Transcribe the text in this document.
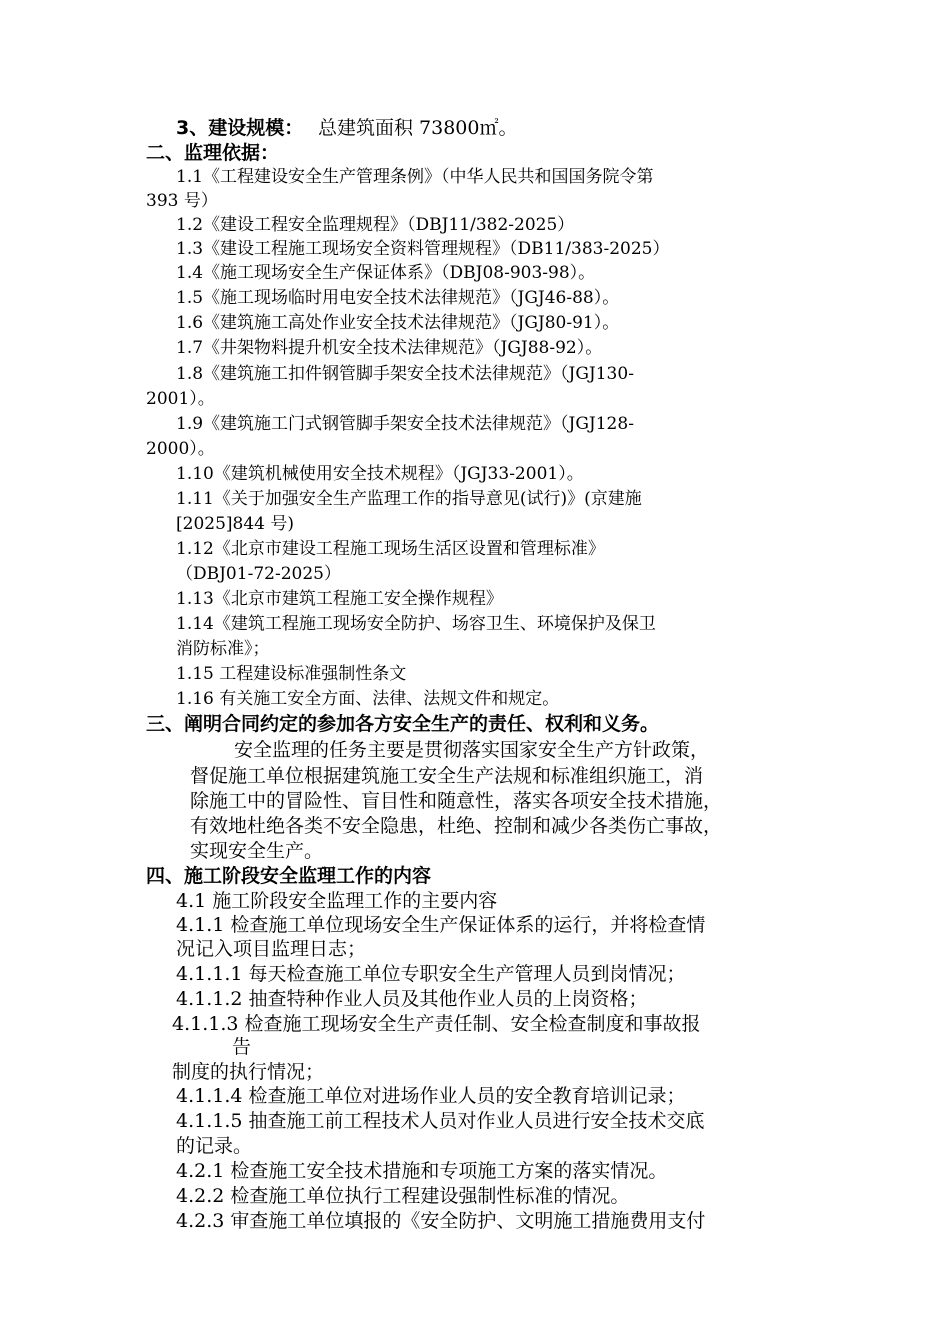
3、建设规模： 总建筑面积 73800㎡。
二、监理依据：
1.1《工程建设安全生产管理条例》（中华人民共和国国务院令第
393 号）
1.2《建设工程安全监理规程》（DBJ11/382-2025）
1.3《建设工程施工现场安全资料管理规程》（DB11/383-2025）
1.4《施工现场安全生产保证体系》（DBJ08-903-98）。
1.5《施工现场临时用电安全技术法律规范》（JGJ46-88）。
1.6《建筑施工高处作业安全技术法律规范》（JGJ80-91）。
1.7《井架物料提升机安全技术法律规范》（JGJ88-92）。
1.8《建筑施工扣件钢管脚手架安全技术法律规范》（JGJ130-
2001）。
1.9《建筑施工门式钢管脚手架安全技术法律规范》（JGJ128-
2000）。
1.10《建筑机械使用安全技术规程》（JGJ33-2001）。
1.11《关于加强安全生产监理工作的指导意见(试行)》(京建施
[2025]844 号)
1.12《北京市建设工程施工现场生活区设置和管理标准》
（DBJ01-72-2025）
1.13《北京市建筑工程施工安全操作规程》
1.14《建筑工程施工现场安全防护、场容卫生、环境保护及保卫
消防标准》；
1.15 工程建设标准强制性条文
1.16 有关施工安全方面、法律、法规文件和规定。
三、阐明合同约定的参加各方安全生产的责任、权利和义务。
安全监理的任务主要是贯彻落实国家安全生产方针政策，
督促施工单位根据建筑施工安全生产法规和标准组织施工，消
除施工中的冒险性、盲目性和随意性，落实各项安全技术措施，
有效地杜绝各类不安全隐患，杜绝、控制和减少各类伤亡事故，
实现安全生产。
四、施工阶段安全监理工作的内容
4.1 施工阶段安全监理工作的主要内容
4.1.1 检查施工单位现场安全生产保证体系的运行，并将检查情
况记入项目监理日志；
4.1.1.1 每天检查施工单位专职安全生产管理人员到岗情况；
4.1.1.2 抽查特种作业人员及其他作业人员的上岗资格；
4.1.1.3 检查施工现场安全生产责任制、安全检查制度和事故报
告
制度的执行情况；
4.1.1.4 检查施工单位对进场作业人员的安全教育培训记录；
4.1.1.5 抽查施工前工程技术人员对作业人员进行安全技术交底
的记录。
4.2.1 检查施工安全技术措施和专项施工方案的落实情况。
4.2.2 检查施工单位执行工程建设强制性标准的情况。
4.2.3 审查施工单位填报的《安全防护、文明施工措施费用支付
